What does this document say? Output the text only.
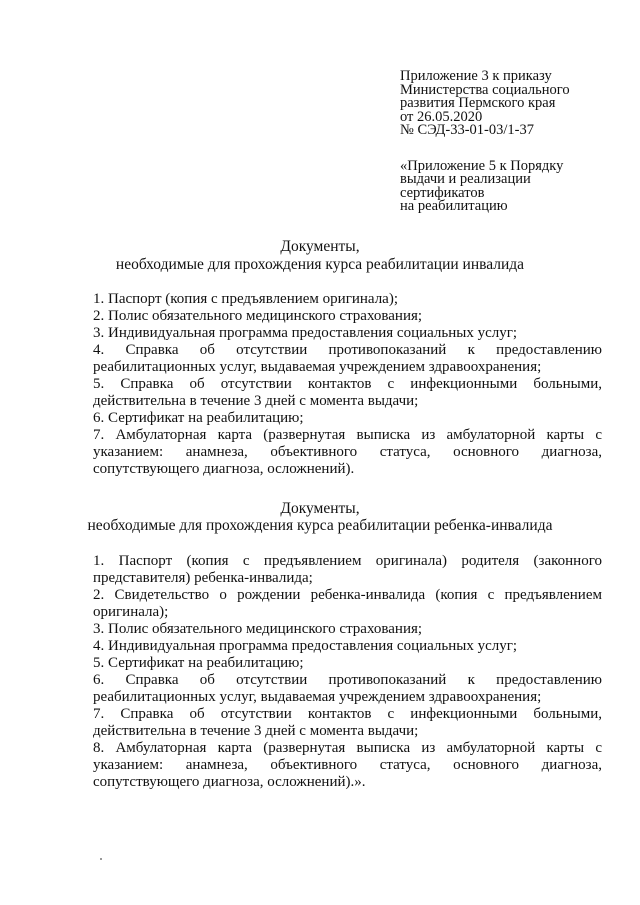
Приложение 3 к приказу
Министерства социального
развития Пермского края
от 26.05.2020
№ СЭД-33-01-03/1-37
«Приложение 5 к Порядку
выдачи и реализации
сертификатов
на реабилитацию
Документы,
необходимые для прохождения курса реабилитации инвалида

1. Паспорт (копия с предъявлением оригинала);

2. Полис обязательного медицинского страхования;

3. Индивидуальная программа предоставления социальных услуг;

4. Справка об отсутствии противопоказаний к предоставлению реабилитационных услуг, выдаваемая учреждением здравоохранения;

5. Справка об отсутствии контактов с инфекционными больными, действительна в течение 3 дней с момента выдачи;

6. Сертификат на реабилитацию;

7. Амбулаторная карта (развернутая выписка из амбулаторной карты с указанием: анамнеза, объективного статуса, основного диагноза, сопутствующего диагноза, осложнений).

Документы,
необходимые для прохождения курса реабилитации ребенка-инвалида

1. Паспорт (копия с предъявлением оригинала) родителя (законного представителя) ребенка-инвалида;

2. Свидетельство о рождении ребенка-инвалида (копия с предъявлением оригинала);

3. Полис обязательного медицинского страхования;

4. Индивидуальная программа предоставления социальных услуг;

5. Сертификат на реабилитацию;

6. Справка об отсутствии противопоказаний к предоставлению реабилитационных услуг, выдаваемая учреждением здравоохранения;

7. Справка об отсутствии контактов с инфекционными больными, действительна в течение 3 дней с момента выдачи;

8. Амбулаторная карта (развернутая выписка из амбулаторной карты с указанием: анамнеза, объективного статуса, основного диагноза, сопутствующего диагноза, осложнений).».
